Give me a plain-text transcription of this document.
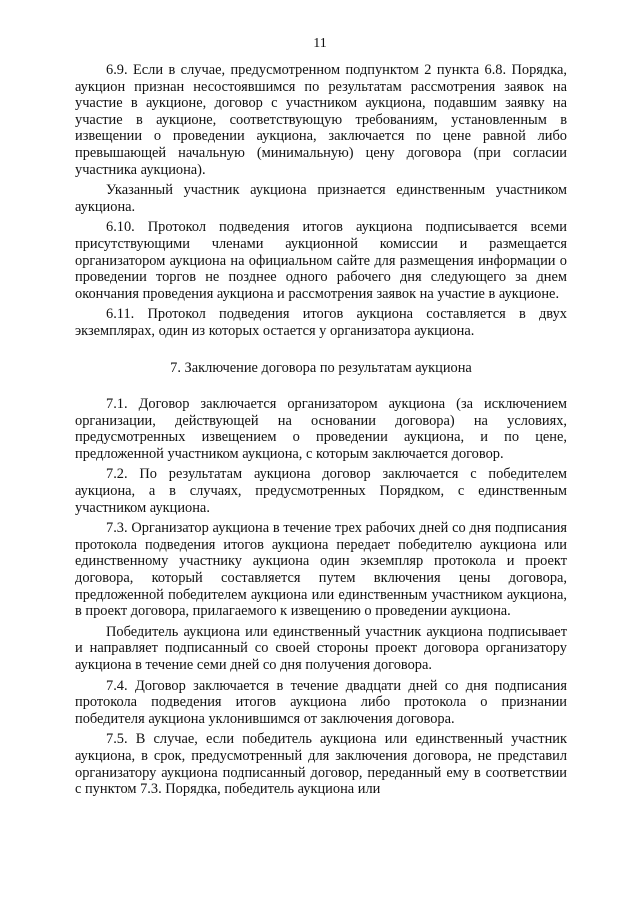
11

6.9. Если в случае, предусмотренном подпунктом 2 пункта 6.8. Порядка, аукцион признан несостоявшимся по результатам рассмотрения заявок на участие в аукционе, договор с участником аукциона, подавшим заявку на участие в аукционе, соответствующую требованиям, установленным в извещении о проведении аукциона, заключается по цене равной либо превышающей начальную (минимальную) цену договора (при согласии участника аукциона).

Указанный участник аукциона признается единственным участником аукциона.

6.10. Протокол подведения итогов аукциона подписывается всеми присутствующими членами аукционной комиссии и размещается организатором аукциона на официальном сайте для размещения информации о проведении торгов не позднее одного рабочего дня следующего за днем окончания проведения аукциона и рассмотрения заявок на участие в аукционе.

6.11. Протокол подведения итогов аукциона составляется в двух экземплярах, один из которых остается у организатора аукциона.

7. Заключение договора по результатам аукциона

7.1. Договор заключается организатором аукциона (за исключением организации, действующей на основании договора) на условиях, предусмотренных извещением о проведении аукциона, и по цене, предложенной участником аукциона, с которым заключается договор.

7.2. По результатам аукциона договор заключается с победителем аукциона, а в случаях, предусмотренных Порядком, с единственным участником аукциона.

7.3. Организатор аукциона в течение трех рабочих дней со дня подписания протокола подведения итогов аукциона передает победителю аукциона или единственному участнику аукциона один экземпляр протокола и проект договора, который составляется путем включения цены договора, предложенной победителем аукциона или единственным участником аукциона, в проект договора, прилагаемого к извещению о проведении аукциона.

Победитель аукциона или единственный участник аукциона подписывает и направляет подписанный со своей стороны проект договора организатору аукциона в течение семи дней со дня получения договора.

7.4. Договор заключается в течение двадцати дней со дня подписания протокола подведения итогов аукциона либо протокола о признании победителя аукциона уклонившимся от заключения договора.

7.5. В случае, если победитель аукциона или единственный участник аукциона, в срок, предусмотренный для заключения договора, не представил организатору аукциона подписанный договор, переданный ему в соответствии с пунктом 7.3. Порядка, победитель аукциона или
